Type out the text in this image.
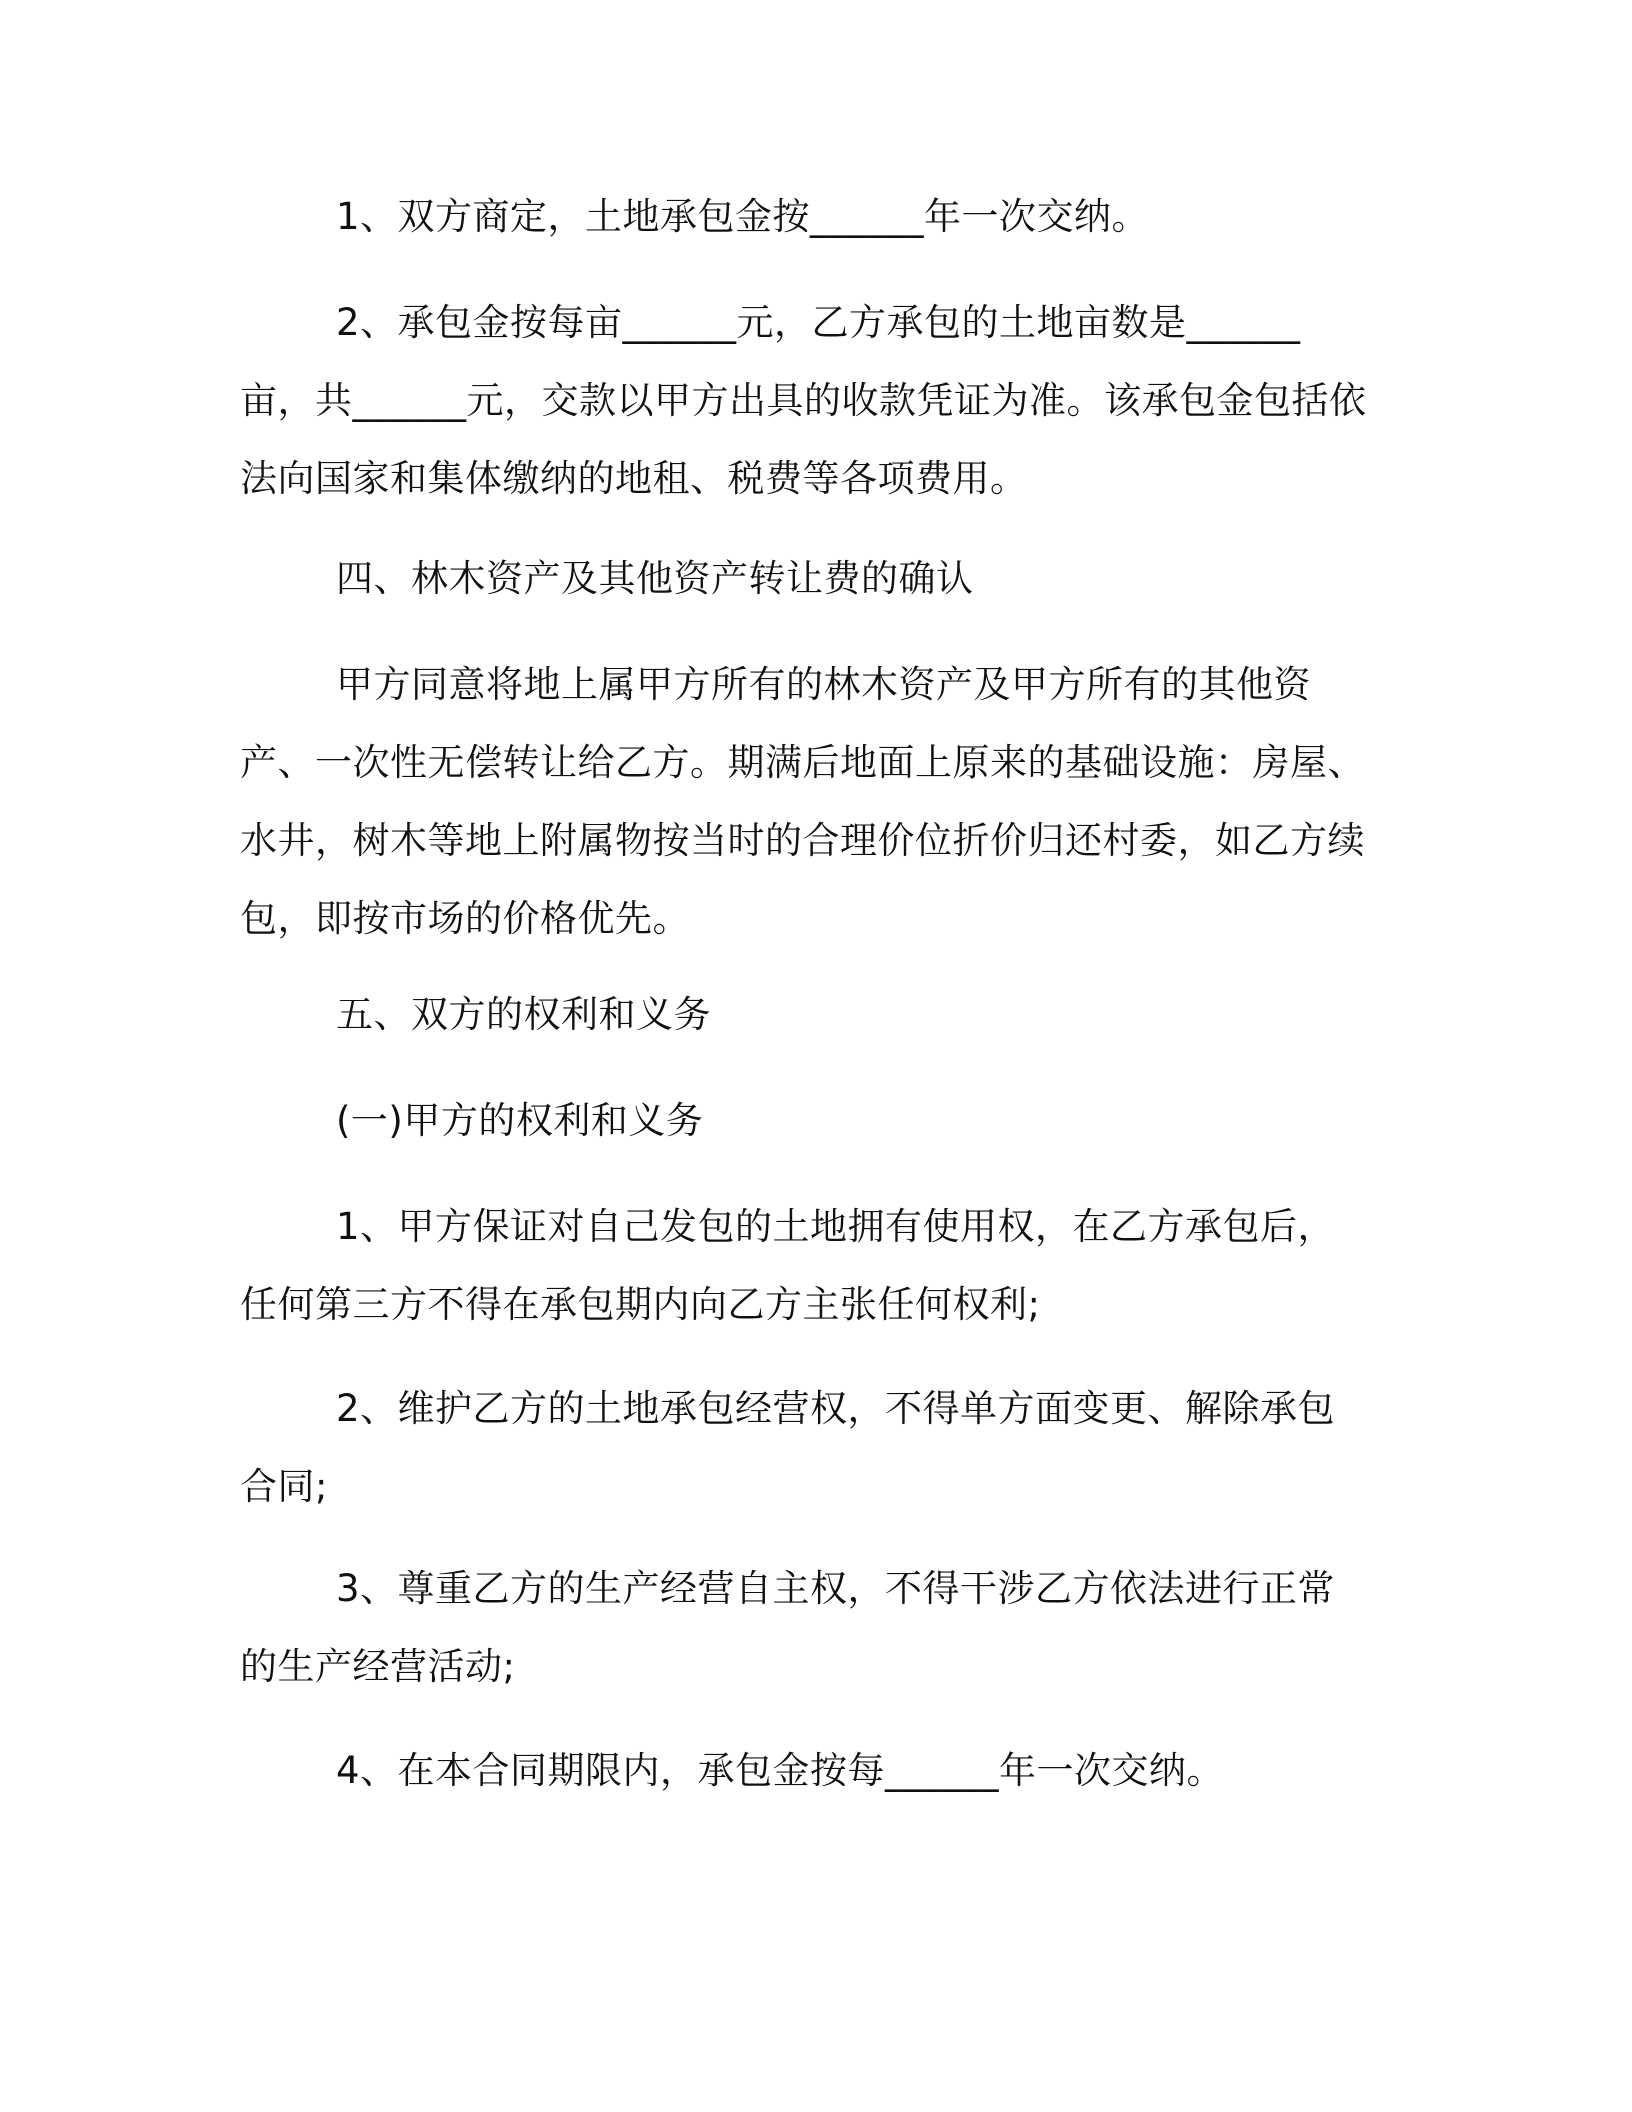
1、双方商定，土地承包金按______年一次交纳。

2、承包金按每亩______元，乙方承包的土地亩数是______亩，共______元，交款以甲方出具的收款凭证为准。该承包金包括依法向国家和集体缴纳的地租、税费等各项费用。

四、林木资产及其他资产转让费的确认

甲方同意将地上属甲方所有的林木资产及甲方所有的其他资产、一次性无偿转让给乙方。期满后地面上原来的基础设施：房屋、水井，树木等地上附属物按当时的合理价位折价归还村委，如乙方续包，即按市场的价格优先。

五、双方的权利和义务

(一)甲方的权利和义务

1、甲方保证对自己发包的土地拥有使用权，在乙方承包后，任何第三方不得在承包期内向乙方主张任何权利;

2、维护乙方的土地承包经营权，不得单方面变更、解除承包合同;

3、尊重乙方的生产经营自主权，不得干涉乙方依法进行正常的生产经营活动;

4、在本合同期限内，承包金按每______年一次交纳。
